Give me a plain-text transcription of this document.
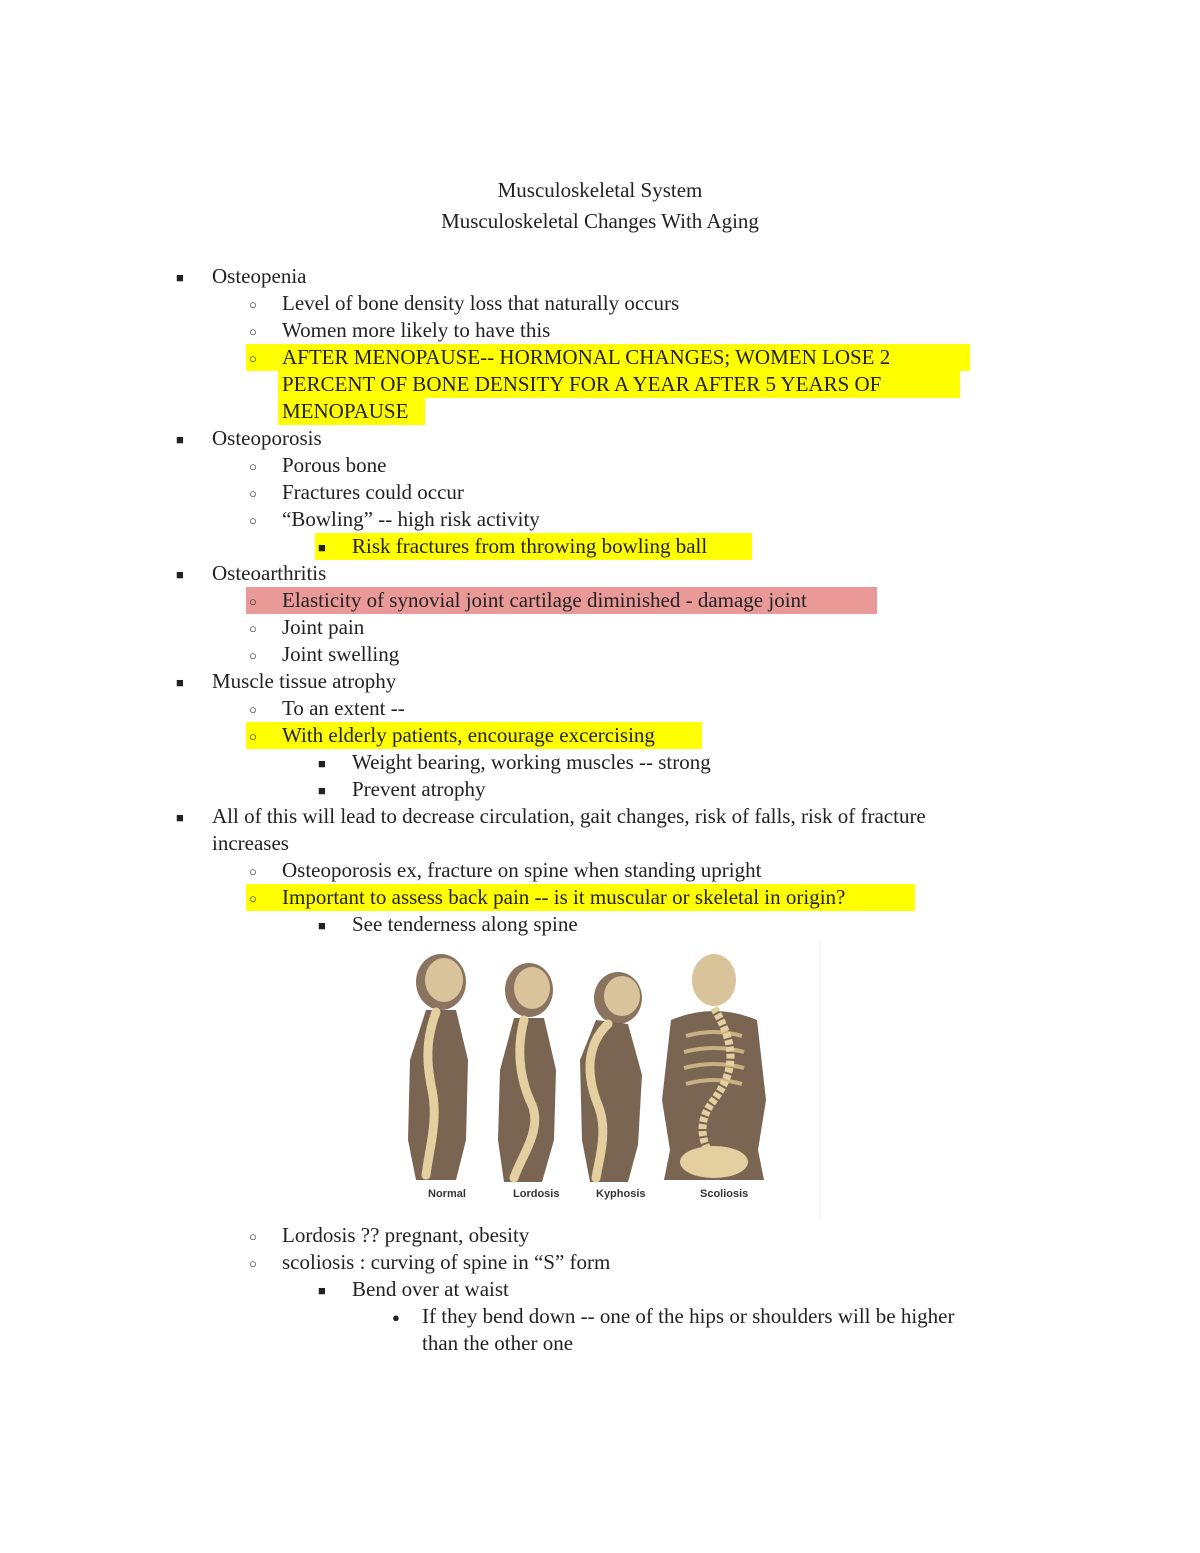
Musculoskeletal System
Musculoskeletal Changes With Aging
■ Osteopenia
○ Level of bone density loss that naturally occurs
○ Women more likely to have this
○ AFTER MENOPAUSE-- HORMONAL CHANGES; WOMEN LOSE 2
PERCENT OF BONE DENSITY FOR A YEAR AFTER 5 YEARS OF
MENOPAUSE
■ Osteoporosis
○ Porous bone
○ Fractures could occur
○ “Bowling” -- high risk activity
■ Risk fractures from throwing bowling ball
■ Osteoarthritis
○ Elasticity of synovial joint cartilage diminished - damage joint
○ Joint pain
○ Joint swelling
■ Muscle tissue atrophy
○ To an extent --
○ With elderly patients, encourage excercising
■ Weight bearing, working muscles -- strong
■ Prevent atrophy
■ All of this will lead to decrease circulation, gait changes, risk of falls, risk of fracture
increases
○ Osteoporosis ex, fracture on spine when standing upright
○ Important to assess back pain -- is it muscular or skeletal in origin?
■ See tenderness along spine
Normal	Lordosis	Kyphosis	Scoliosis
○ Lordosis ?? pregnant, obesity
○ scoliosis : curving of spine in “S” form
■ Bend over at waist
● If they bend down -- one of the hips or shoulders will be higher
than the other one
